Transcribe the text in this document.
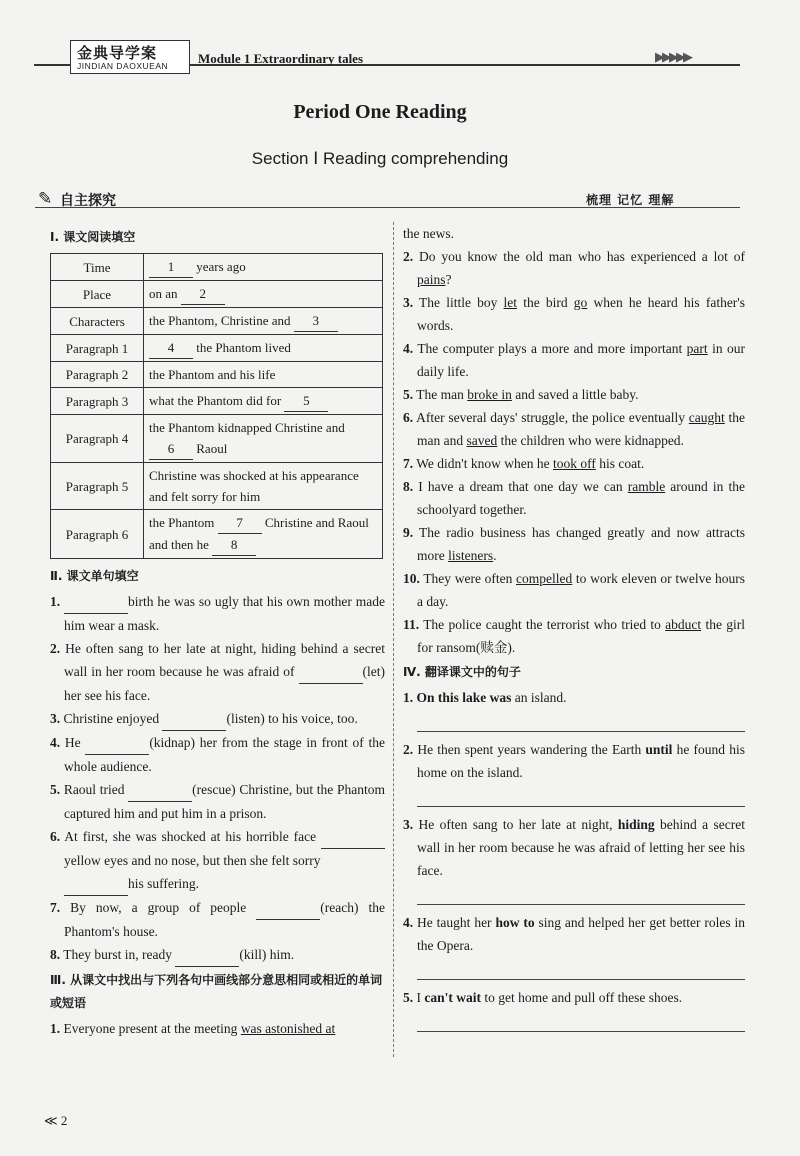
金典导学案
JINDIAN DAOXUEAN Module 1 Extraordinary tales	▶▶▶▶▶
Period One Reading
Section Ⅰ Reading comprehending
✎ 自主探究	梳理 记忆 理解
Ⅰ. 课文阅读填空
Time	1 years ago
Place	on an 2
Characters	the Phantom, Christine and 3
Paragraph 1	4 the Phantom lived
Paragraph 2	the Phantom and his life
Paragraph 3	what the Phantom did for 5
Paragraph 4	the Phantom kidnapped Christine and 6 Raoul
Paragraph 5	Christine was shocked at his appearance and felt sorry for him
Paragraph 6	the Phantom 7 Christine and Raoul and then he 8
Ⅱ. 课文单句填空
1.	birth he was so ugly that his own mother made him wear a mask.
2. He often sang to her late at night, hiding behind a secret wall in her room because he was afraid of	(let) her see his face.
3. Christine enjoyed	(listen) to his voice, too.
4. He	(kidnap) her from the stage in front of the whole audience.
5. Raoul tried	(rescue) Christine, but the Phantom captured him and put him in a prison.
6. At first, she was shocked at his horrible face  yellow eyes and no nose, but then she felt sorry
his suffering.
7. By now, a group of people	(reach) the Phantom's house.
8. They burst in, ready	(kill) him.
Ⅲ. 从课文中找出与下列各句中画线部分意思相同或相近的单词或短语
1. Everyone present at the meeting was astonished at
the news.
2. Do you know the old man who has experienced a lot of pains?
3. The little boy let the bird go when he heard his father's words.
4. The computer plays a more and more important part in our daily life.
5. The man broke in and saved a little baby.
6. After several days' struggle, the police eventually caught the man and saved the children who were kidnapped.
7. We didn't know when he took off his coat.
8. I have a dream that one day we can ramble around in the schoolyard together.
9. The radio business has changed greatly and now attracts more listeners.
10. They were often compelled to work eleven or twelve hours a day.
11. The police caught the terrorist who tried to abduct the girl for ransom(赎金).
Ⅳ. 翻译课文中的句子
1. On this lake was an island.
2. He then spent years wandering the Earth until he found his home on the island.
3. He often sang to her late at night, hiding behind a secret wall in her room because he was afraid of letting her see his face.
4. He taught her how to sing and helped her get better roles in the Opera.
5. I can't wait to get home and pull off these shoes.
≪ 2
